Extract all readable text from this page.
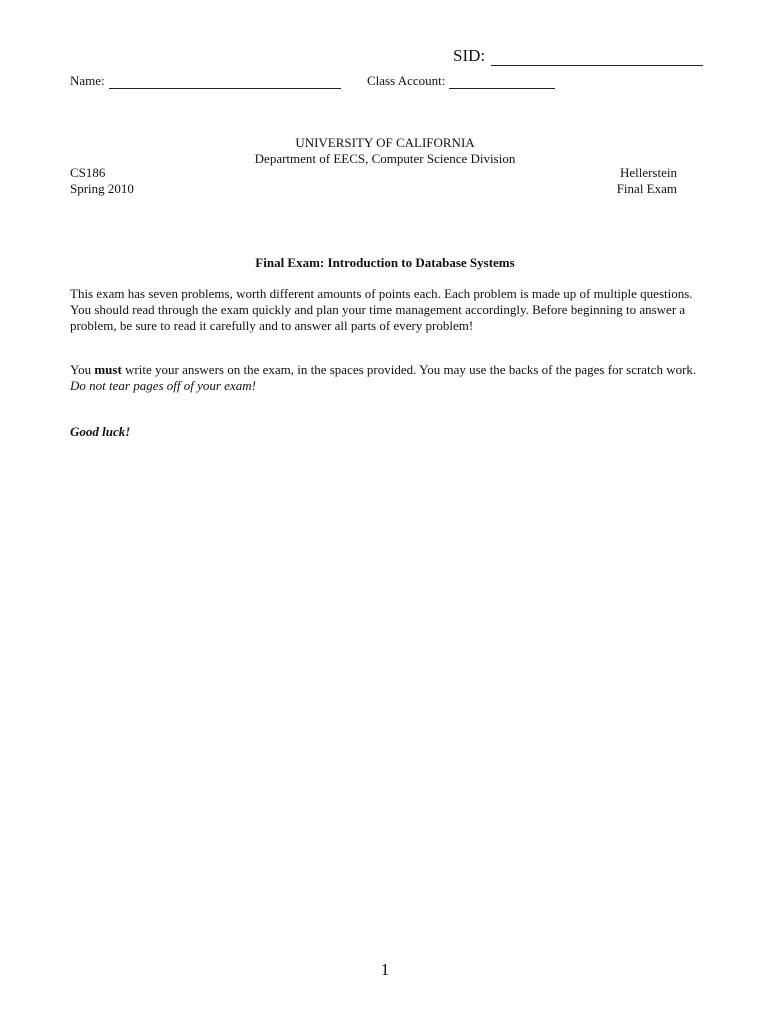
SID:
Name:	Class Account:
UNIVERSITY OF CALIFORNIA
Department of EECS, Computer Science Division
CS186
Spring 2010
Hellerstein
Final Exam
Final Exam: Introduction to Database Systems
This exam has seven problems, worth different amounts of points each. Each problem is made up of multiple questions. You should read through the exam quickly and plan your time management accordingly. Before beginning to answer a problem, be sure to read it carefully and to answer all parts of every problem!
You must write your answers on the exam, in the spaces provided. You may use the backs of the pages for scratch work. Do not tear pages off of your exam!
Good luck!
1
